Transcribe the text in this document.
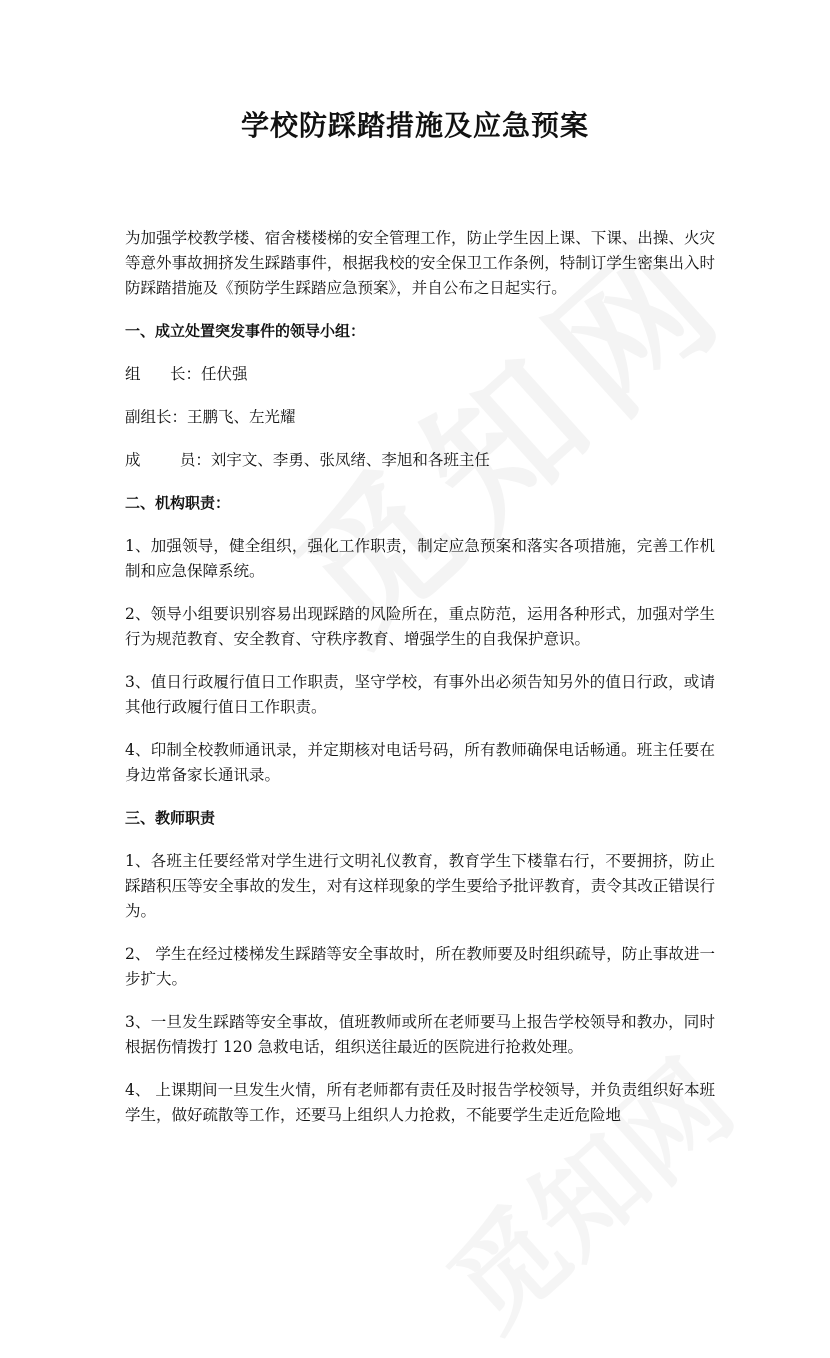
学校防踩踏措施及应急预案

为加强学校教学楼、宿舍楼楼梯的安全管理工作，防止学生因上课、下课、出操、火灾等意外事故拥挤发生踩踏事件，根据我校的安全保卫工作条例，特制订学生密集出入时防踩踏措施及《预防学生踩踏应急预案》，并自公布之日起实行。

一、成立处置突发事件的领导小组：

组      长：任伏强

副组长：王鹏飞、左光耀

成        员：刘宇文、李勇、张凤绪、李旭和各班主任

二、机构职责：

1、加强领导，健全组织，强化工作职责，制定应急预案和落实各项措施，完善工作机制和应急保障系统。

2、领导小组要识别容易出现踩踏的风险所在，重点防范，运用各种形式，加强对学生行为规范教育、安全教育、守秩序教育、增强学生的自我保护意识。

3、值日行政履行值日工作职责，坚守学校，有事外出必须告知另外的值日行政，或请其他行政履行值日工作职责。

4、印制全校教师通讯录，并定期核对电话号码，所有教师确保电话畅通。班主任要在身边常备家长通讯录。

三、教师职责

1、各班主任要经常对学生进行文明礼仪教育，教育学生下楼靠右行，不要拥挤，防止踩踏积压等安全事故的发生，对有这样现象的学生要给予批评教育，责令其改正错误行为。

2、 学生在经过楼梯发生踩踏等安全事故时，所在教师要及时组织疏导，防止事故进一步扩大。

3、一旦发生踩踏等安全事故，值班教师或所在老师要马上报告学校领导和教办，同时根据伤情拨打 120 急救电话，组织送往最近的医院进行抢救处理。

4、 上课期间一旦发生火情，所有老师都有责任及时报告学校领导，并负责组织好本班学生，做好疏散等工作，还要马上组织人力抢救，不能要学生走近危险地
